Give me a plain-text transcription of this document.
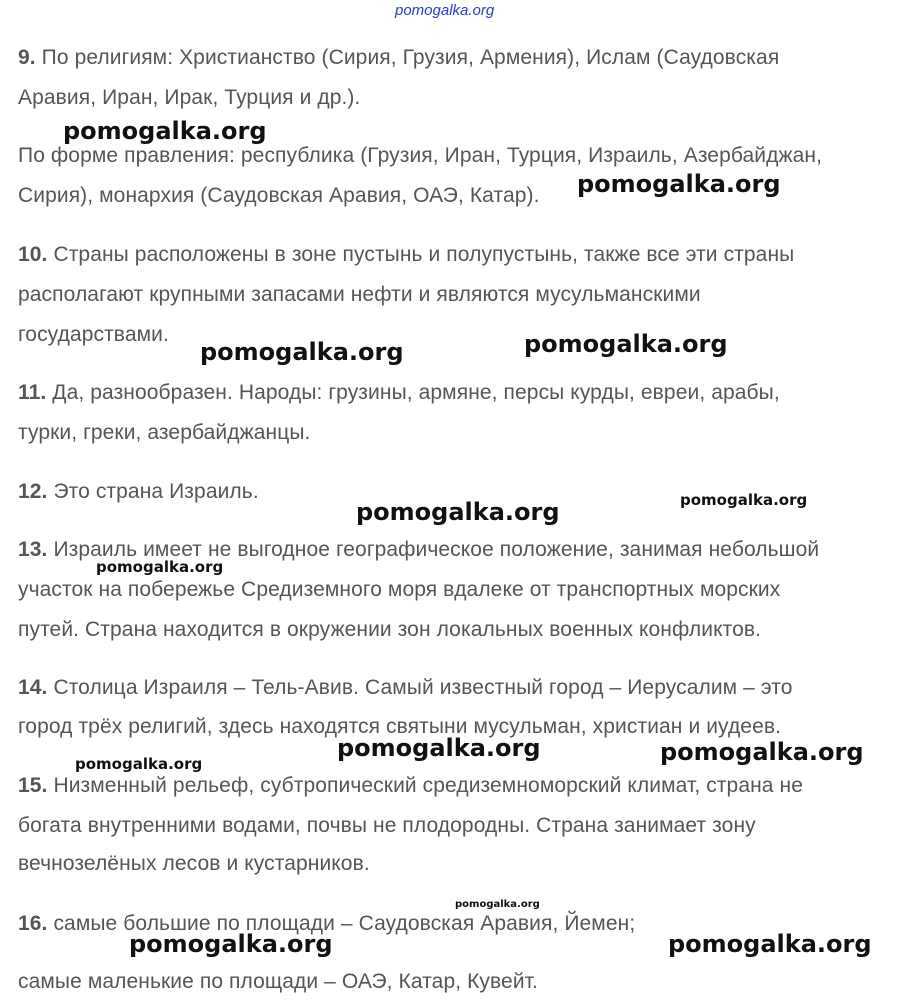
pomogalka.org
9. По религиям: Христианство (Сирия, Грузия, Армения), Ислам (Саудовская
Аравия, Иран, Ирак, Турция и др.).
По форме правления: республика (Грузия, Иран, Турция, Израиль, Азербайджан,
Сирия), монархия (Саудовская Аравия, ОАЭ, Катар).
10. Страны расположены в зоне пустынь и полупустынь, также все эти страны
располагают крупными запасами нефти и являются мусульманскими
государствами.
11. Да, разнообразен. Народы: грузины, армяне, персы курды, евреи, арабы,
турки, греки, азербайджанцы.
12. Это страна Израиль.
13. Израиль имеет не выгодное географическое положение, занимая небольшой
участок на побережье Средиземного моря вдалеке от транспортных морских
путей. Страна находится в окружении зон локальных военных конфликтов.
14. Столица Израиля – Тель-Авив. Самый известный город – Иерусалим – это
город трёх религий, здесь находятся святыни мусульман, христиан и иудеев.
15. Низменный рельеф, субтропический средиземноморский климат, страна не
богата внутренними водами, почвы не плодородны. Страна занимает зону
вечнозелёных лесов и кустарников.
16. самые большие по площади – Саудовская Аравия, Йемен;
самые маленькие по площади – ОАЭ, Катар, Кувейт.
pomogalka.org
pomogalka.org
pomogalka.org	pomogalka.org
pomogalka.org
pomogalka.org
pomogalka.org
pomogalka.org	pomogalka.org
pomogalka.org
pomogalka.org
pomogalka.org	pomogalka.org
